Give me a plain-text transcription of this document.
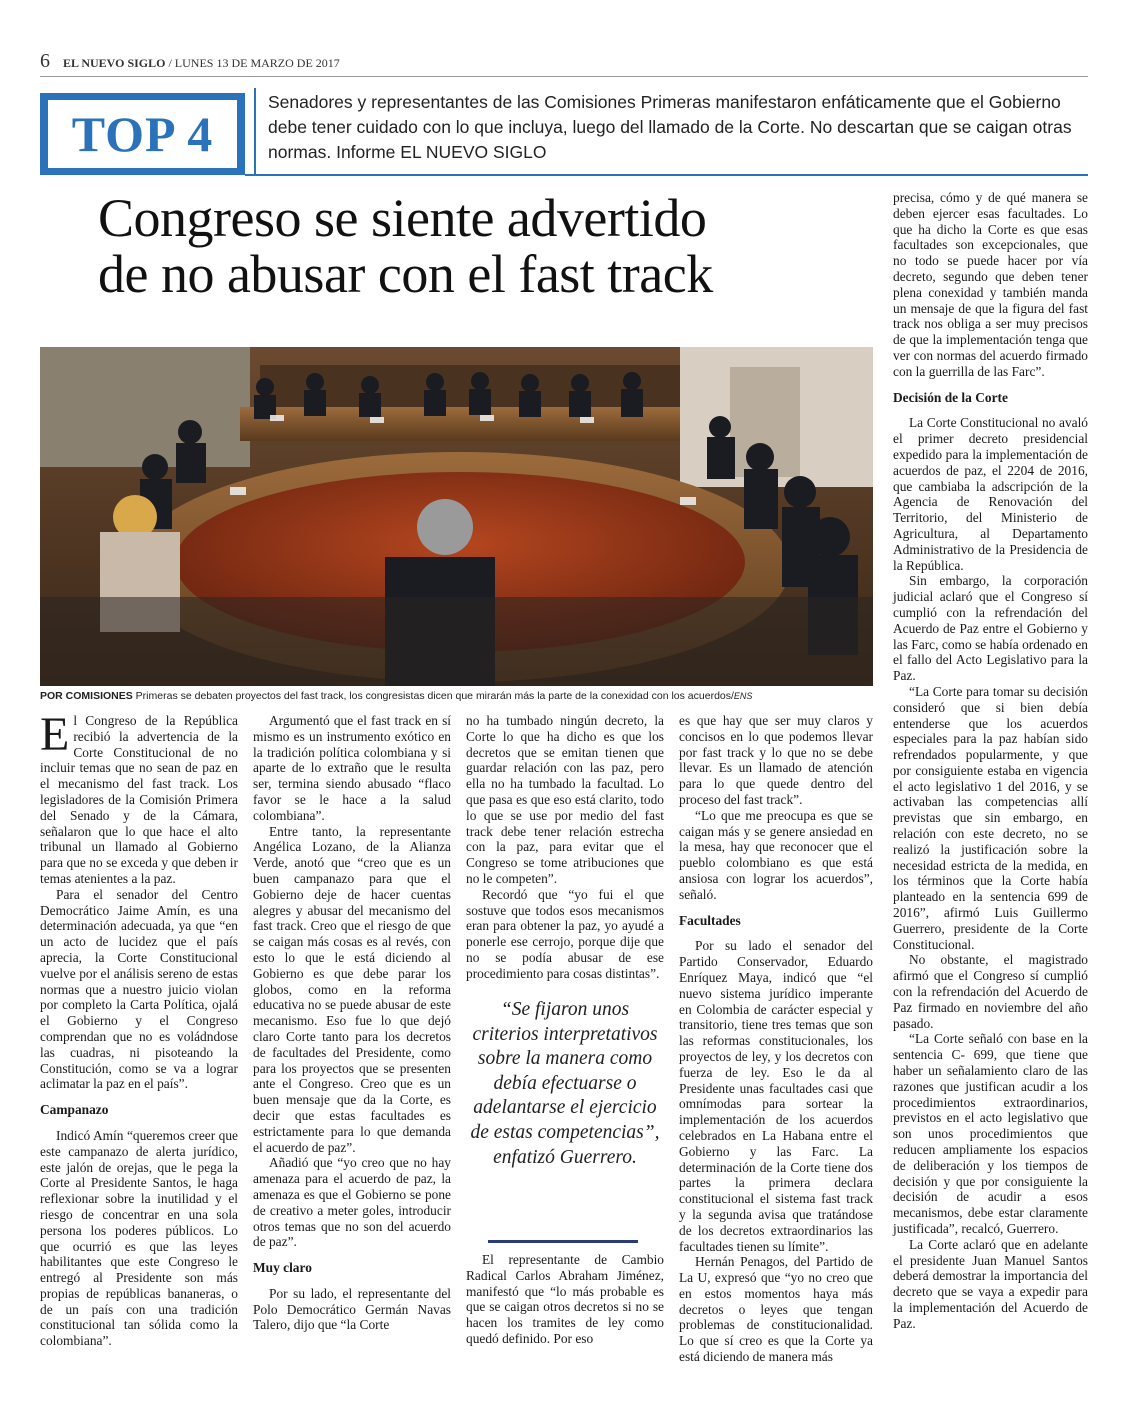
6 EL NUEVO SIGLO / LUNES 13 DE MARZO DE 2017
TOP 4
Senadores y representantes de las Comisiones Primeras manifestaron enfáticamente que el Gobierno debe tener cuidado con lo que incluya, luego del llamado de la Corte. No descartan que se caigan otras normas. Informe EL NUEVO SIGLO
Congreso se siente advertido
de no abusar con el fast track
POR COMISIONES Primeras se debaten proyectos del fast track, los congresistas dicen que mirarán más la parte de la conexidad con los acuerdos/ENS

El Congreso de la República recibió la advertencia de la Corte Constitucional de no incluir temas que no sean de paz en el mecanismo del fast track. Los legisladores de la Comisión Primera del Senado y de la Cámara, señalaron que lo que hace el alto tribunal un llamado al Gobierno para que no se exceda y que deben ir temas atenientes a la paz.

Para el senador del Centro Democrático Jaime Amín, es una determinación adecuada, ya que “en un acto de lucidez que el país aprecia, la Corte Constitucional vuelve por el análisis sereno de estas normas que a nuestro juicio violan por completo la Carta Política, ojalá el Gobierno y el Congreso comprendan que no es voládndose las cuadras, ni pisoteando la Constitución, como se va a lograr aclimatar la paz en el país”.

Campanazo

Indicó Amín “queremos creer que este campanazo de alerta jurídico, este jalón de orejas, que le pega la Corte al Presidente Santos, le haga reflexionar sobre la inutilidad y el riesgo de concentrar en una sola persona los poderes públicos. Lo que ocurrió es que las leyes habilitantes que este Congreso le entregó al Presidente son más propias de repúblicas bananeras, o de un país con una tradición constitucional tan sólida como la colombiana”.

Argumentó que el fast track en sí mismo es un instrumento exótico en la tradición política colombiana y si aparte de lo extraño que le resulta ser, termina siendo abusado “flaco favor se le hace a la salud colombiana”.

Entre tanto, la representante Angélica Lozano, de la Alianza Verde, anotó que “creo que es un buen campanazo para que el Gobierno deje de hacer cuentas alegres y abusar del mecanismo del fast track. Creo que el riesgo de que se caigan más cosas es al revés, con esto lo que le está diciendo al Gobierno es que debe parar los globos, como en la reforma educativa no se puede abusar de este mecanismo. Eso fue lo que dejó claro Corte tanto para los decretos de facultades del Presidente, como para los proyectos que se presenten ante el Congreso. Creo que es un buen mensaje que da la Corte, es decir que estas facultades es estrictamente para lo que demanda el acuerdo de paz”.

Añadió que “yo creo que no hay amenaza para el acuerdo de paz, la amenaza es que el Gobierno se pone de creativo a meter goles, introducir otros temas que no son del acuerdo de paz”.

Muy claro

Por su lado, el representante del Polo Democrático Germán Navas Talero, dijo que “la Corte

no ha tumbado ningún decreto, la Corte lo que ha dicho es que los decretos que se emitan tienen que guardar relación con las paz, pero ella no ha tumbado la facultad. Lo que pasa es que eso está clarito, todo lo que se use por medio del fast track debe tener relación estrecha con la paz, para evitar que el Congreso se tome atribuciones que no le competen”.

Recordó que “yo fui el que sostuve que todos esos mecanismos eran para obtener la paz, yo ayudé a ponerle ese cerrojo, porque dije que no se podía abusar de ese procedimiento para cosas distintas”.

“Se fijaron unos criterios interpretativos sobre la manera como debía efectuarse o adelantarse el ejercicio de estas competencias”, enfatizó Guerrero.

El representante de Cambio Radical Carlos Abraham Jiménez, manifestó que “lo más probable es que se caigan otros decretos si no se hacen los tramites de ley como quedó definido. Por eso

es que hay que ser muy claros y concisos en lo que podemos llevar por fast track y lo que no se debe llevar. Es un llamado de atención para lo que quede dentro del proceso del fast track”.

“Lo que me preocupa es que se caigan más y se genere ansiedad en la mesa, hay que reconocer que el pueblo colombiano es que está ansiosa con lograr los acuerdos”, señaló.

Facultades

Por su lado el senador del Partido Conservador, Eduardo Enríquez Maya, indicó que “el nuevo sistema jurídico imperante en Colombia de carácter especial y transitorio, tiene tres temas que son las reformas constitucionales, los proyectos de ley, y los decretos con fuerza de ley. Eso le da al Presidente unas facultades casi que omnímodas para sortear la implementación de los acuerdos celebrados en La Habana entre el Gobierno y las Farc. La determinación de la Corte tiene dos partes la primera declara constitucional el sistema fast track y la segunda avisa que tratándose de los decretos extraordinarios las facultades tienen su límite”.

Hernán Penagos, del Partido de La U, expresó que “yo no creo que en estos momentos haya más decretos o leyes que tengan problemas de constitucionalidad. Lo que sí creo es que la Corte ya está diciendo de manera más

precisa, cómo y de qué manera se deben ejercer esas facultades. Lo que ha dicho la Corte es que esas facultades son excepcionales, que no todo se puede hacer por vía decreto, segundo que deben tener plena conexidad y también manda un mensaje de que la figura del fast track nos obliga a ser muy precisos de que la implementación tenga que ver con normas del acuerdo firmado con la guerrilla de las Farc”.

Decisión de la Corte

La Corte Constitucional no avaló el primer decreto presidencial expedido para la implementación de acuerdos de paz, el 2204 de 2016, que cambiaba la adscripción de la Agencia de Renovación del Territorio, del Ministerio de Agricultura, al Departamento Administrativo de la Presidencia de la República.

Sin embargo, la corporación judicial aclaró que el Congreso sí cumplió con la refrendación del Acuerdo de Paz entre el Gobierno y las Farc, como se había ordenado en el fallo del Acto Legislativo para la Paz.

“La Corte para tomar su decisión consideró que si bien debía entenderse que los acuerdos especiales para la paz habían sido refrendados popularmente, y que por consiguiente estaba en vigencia el acto legislativo 1 del 2016, y se activaban las competencias allí previstas que sin embargo, en relación con este decreto, no se realizó la justificación sobre la necesidad estricta de la medida, en los términos que la Corte había planteado en la sentencia 699 de 2016”, afirmó Luis Guillermo Guerrero, presidente de la Corte Constitucional.

No obstante, el magistrado afirmó que el Congreso sí cumplió con la refrendación del Acuerdo de Paz firmado en noviembre del año pasado.

“La Corte señaló con base en la sentencia C- 699, que tiene que haber un señalamiento claro de las razones que justifican acudir a los procedimientos extraordinarios, previstos en el acto legislativo que son unos procedimientos que reducen ampliamente los espacios de deliberación y los tiempos de decisión y que por consiguiente la decisión de acudir a esos mecanismos, debe estar claramente justificada”, recalcó, Guerrero.

La Corte aclaró que en adelante el presidente Juan Manuel Santos deberá demostrar la importancia del decreto que se vaya a expedir para la implementación del Acuerdo de Paz.
